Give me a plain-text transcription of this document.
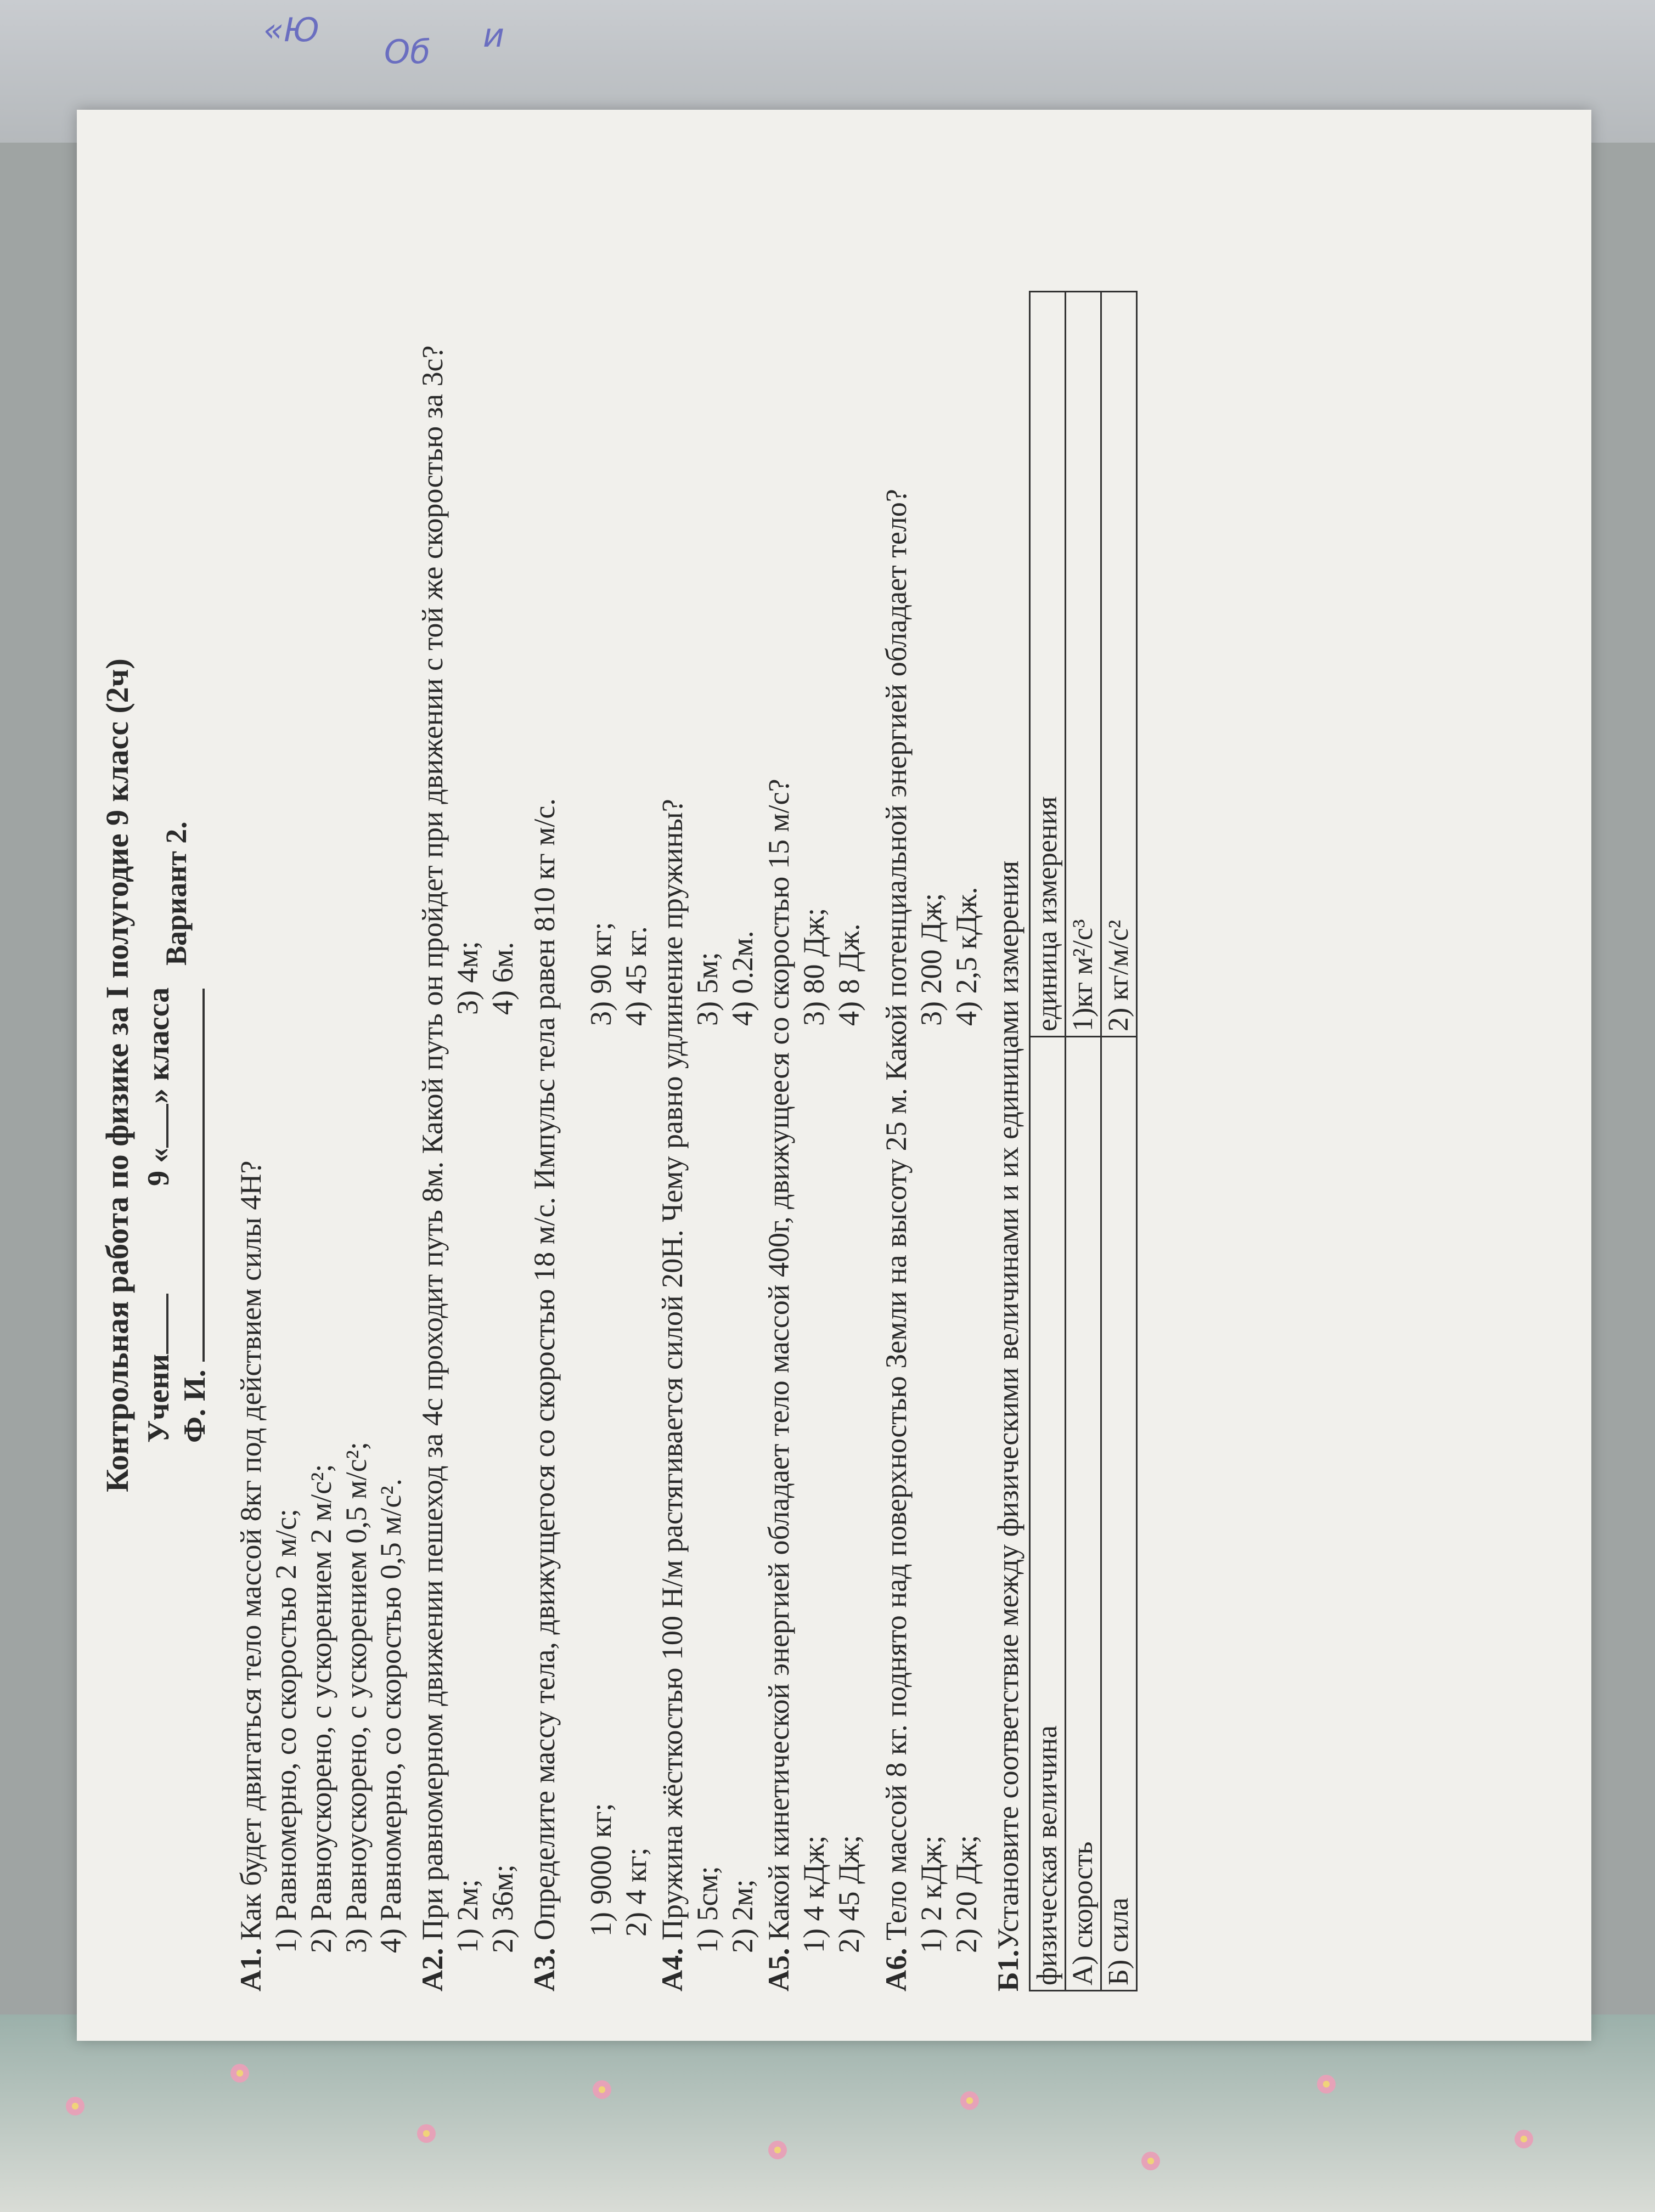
Об
«Ю	и

Контрольная работа по физике за I полугодие 9 класс (2ч) Учени              9 «» класса
Ф. И.
Вариант 2.

А1. Как будет двигаться тело массой 8кг под действием силы 4Н? 1) Равномерно, со скоростью 2 м/с; 2) Равноускорено, с ускорением 2 м/с²; 3) Равноускорено, с ускорением 0,5 м/с²; 4) Равномерно, со скоростью 0,5 м/с².

А2. При равномерном движении пешеход за 4с проходит путь 8м. Какой путь он пройдет при движении с той же скоростью за 3с? 1) 2м; 2) 36м;
3) 4м; 4) 6м.

А3. Определите массу тела, движущегося со скоростью 18 м/с. Импульс тела равен 810 кг м/с. 1) 9000 кг; 2) 4 кг;
3) 90 кг; 4) 45 кг.

А4. Пружина жёсткостью 100 Н/м растягивается силой 20Н. Чему равно удлинение пружины? 1) 5см; 2) 2м;
3) 5м; 4) 0.2м.

А5. Какой кинетической энергией обладает тело массой 400г, движущееся со скоростью 15 м/с? 1) 4 кДж; 2) 45 Дж;
3) 80 Дж; 4) 8 Дж.

А6. Тело массой 8 кг. поднято над поверхностью Земли на высоту 25 м. Какой потенциальной энергией обладает тело? 1) 2 кДж; 2) 20 Дж;
3) 200 Дж; 4) 2,5 кДж.

Б1.Установите соответствие между физическими величинами и их единицами измерения физическая величина	единица измерения
А) скорость	1)кг м²/с³
Б) сила	2) кг/м/с²
